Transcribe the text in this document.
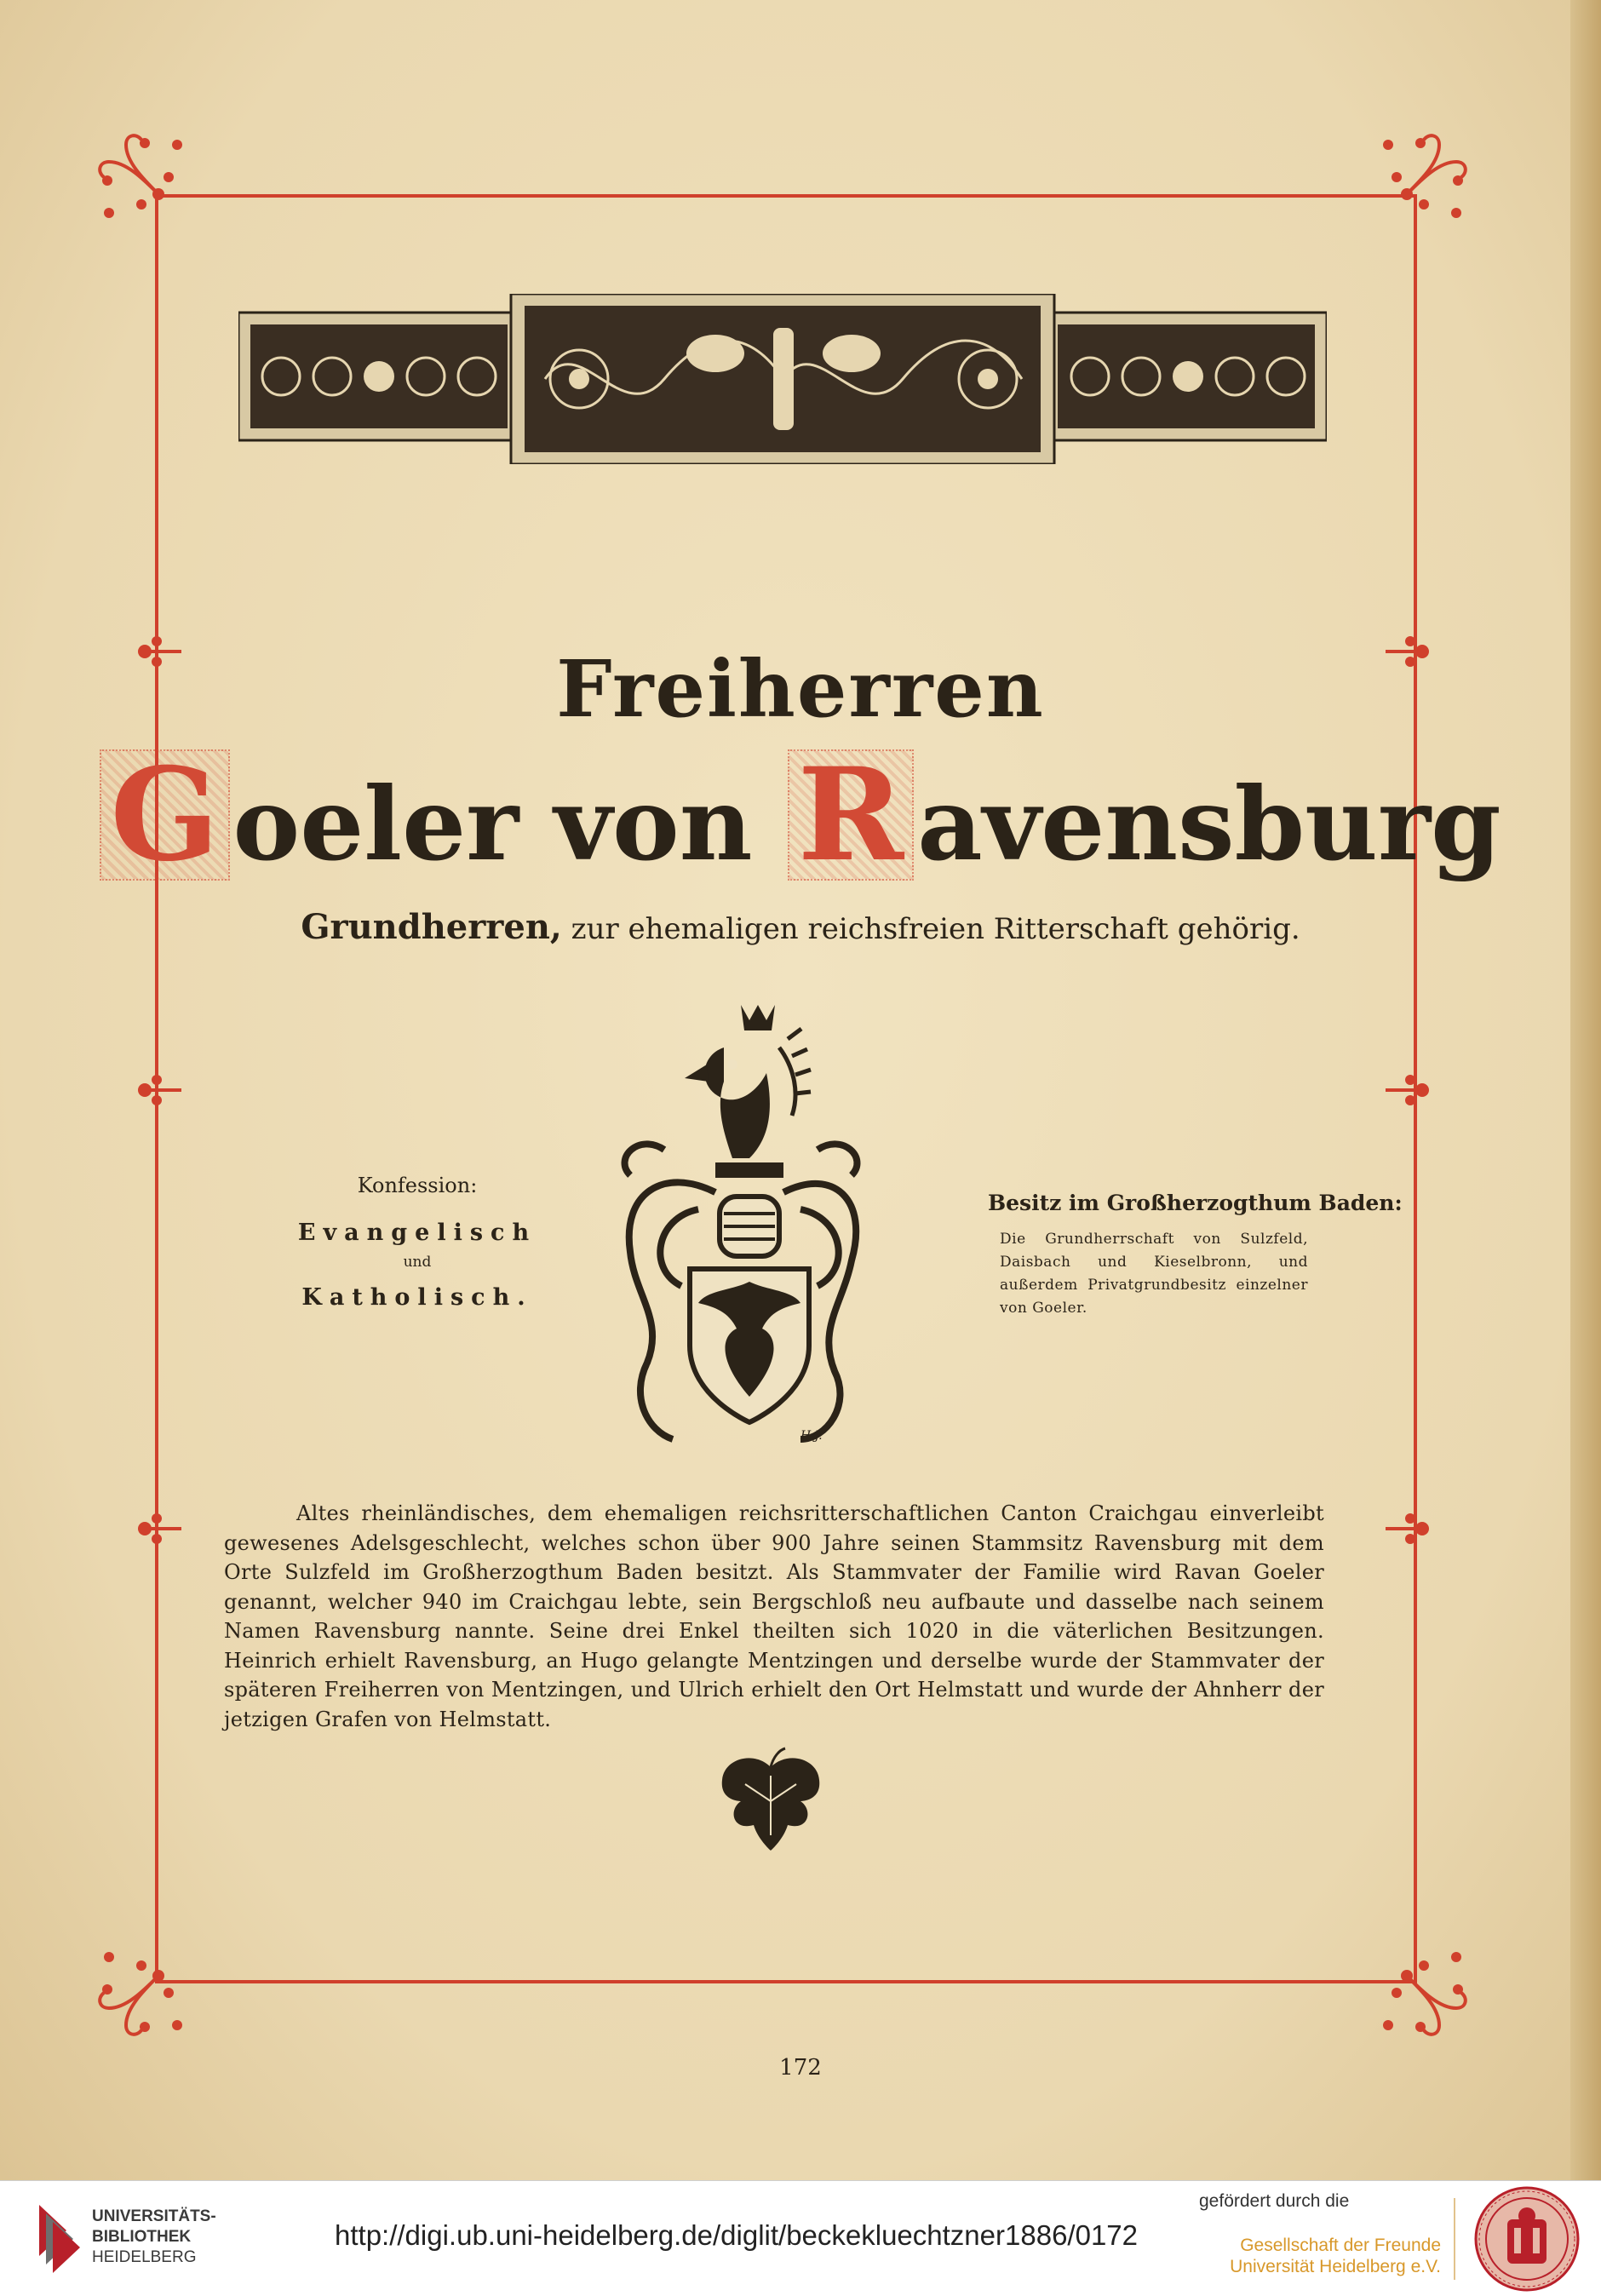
Freiherren
G oeler von R avensburg
Grundherren, zur ehemaligen reichsfreien Ritterschaft gehörig.
H.J.
Konfession:
Evangelisch
und
Katholisch.
Besitz im Großherzogthum Baden:
Die Grundherrschaft von Sulzfeld, Daisbach und Kieselbronn, und außerdem Privatgrundbesitz einzelner von Goeler.
Altes rheinländisches, dem ehemaligen reichsritterschaftlichen Canton Craichgau einverleibt gewesenes Adelsgeschlecht, welches schon über 900 Jahre seinen Stammsitz Ravensburg mit dem Orte Sulzfeld im Großherzogthum Baden besitzt. Als Stammvater der Familie wird Ravan Goeler genannt, welcher 940 im Craichgau lebte, sein Bergschloß neu aufbaute und dasselbe nach seinem Namen Ravensburg nannte. Seine drei Enkel theilten sich 1020 in die väterlichen Besitzungen. Heinrich erhielt Ravensburg, an Hugo gelangte Mentzingen und derselbe wurde der Stammvater der späteren Freiherren von Mentzingen, und Ulrich erhielt den Ort Helmstatt und wurde der Ahnherr der jetzigen Grafen von Helmstatt.
172
UNIVERSITÄTS-
BIBLIOTHEK
HEIDELBERG
http://digi.ub.uni-heidelberg.de/diglit/beckekluechtzner1886/0172
gefördert durch die
Gesellschaft der Freunde
Universität Heidelberg e.V.
